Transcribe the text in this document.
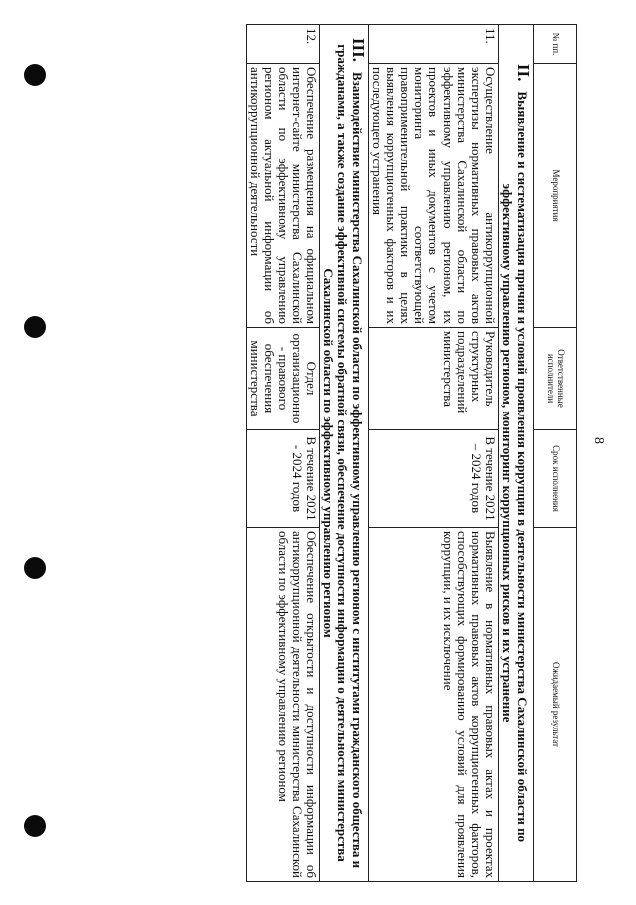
8
№ пп.	Мероприятия	Ответственные исполнители	Срок исполнения	Ожидаемый результат
II.Выявление и систематизация причин и условий проявления коррупции в деятельности министерства Сахалинской области по эффективному управлению регионом, мониторинг коррупционных рисков и их устранение				
11.	Осуществление антикоррупционной экспертизы нормативных правовых актов министерства Сахалинской области по эффективному управлению регионом, их проектов и иных документов с учетом мониторинга соответствующей правоприменительной практики в целях выявления коррупциогенных факторов и их последующего устранения	Руководитель структурных подразделений министерства	В течение 2021 – 2024 годов	Выявление в нормативных правовых актах и проектах нормативных правовых актов коррупциогенных факторов, способствующих формированию условий для проявления коррупции, и их исключение
III.Взаимодействие министерства Сахалинской области по эффективному управлению регионом с институтами гражданского общества и гражданами, а также создание эффективной системы обратной связи, обеспечение доступности информации о деятельности министерства Сахалинской области по эффективному управлению регионом				
12.	Обеспечение размещения на официальном интернет-сайте министерства Сахалинской области по эффективному управлению регионом актуальной информации об антикоррупционной деятельности	Отдел организационно - правового обеспечения министерства	В течение 2021 - 2024 годов	Обеспечение открытости и доступности информации об антикоррупционной деятельности министерства Сахалинской области по эффективному управлению регионом
